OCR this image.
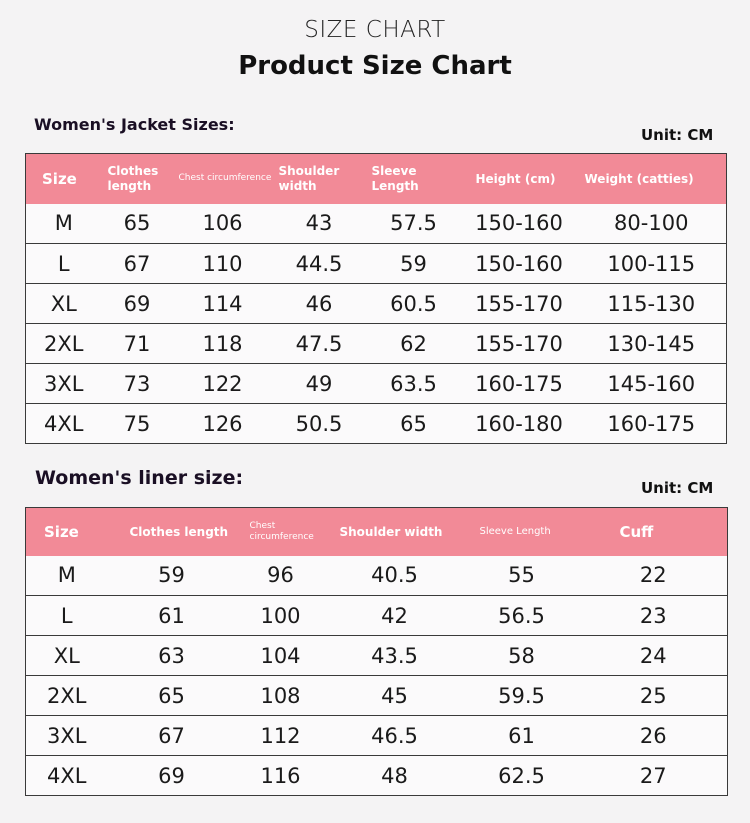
SIZE CHART
Product Size Chart
Women's Jacket Sizes:
Unit: CM
Size	Clothes length	Chest circumference	Shoulder width	Sleeve Length	Height (cm)	Weight (catties)
M	65	106	43	57.5	150-160	80-100
L	67	110	44.5	59	150-160	100-115
XL	69	114	46	60.5	155-170	115-130
2XL	71	118	47.5	62	155-170	130-145
3XL	73	122	49	63.5	160-175	145-160
4XL	75	126	50.5	65	160-180	160-175
Women's liner size:	Unit: CM
Size	Clothes length	Chest circumference	Shoulder width	Sleeve Length	Cuff
M	59	96	40.5	55	22
L	61	100	42	56.5	23
XL	63	104	43.5	58	24
2XL	65	108	45	59.5	25
3XL	67	112	46.5	61	26
4XL	69	116	48	62.5	27
